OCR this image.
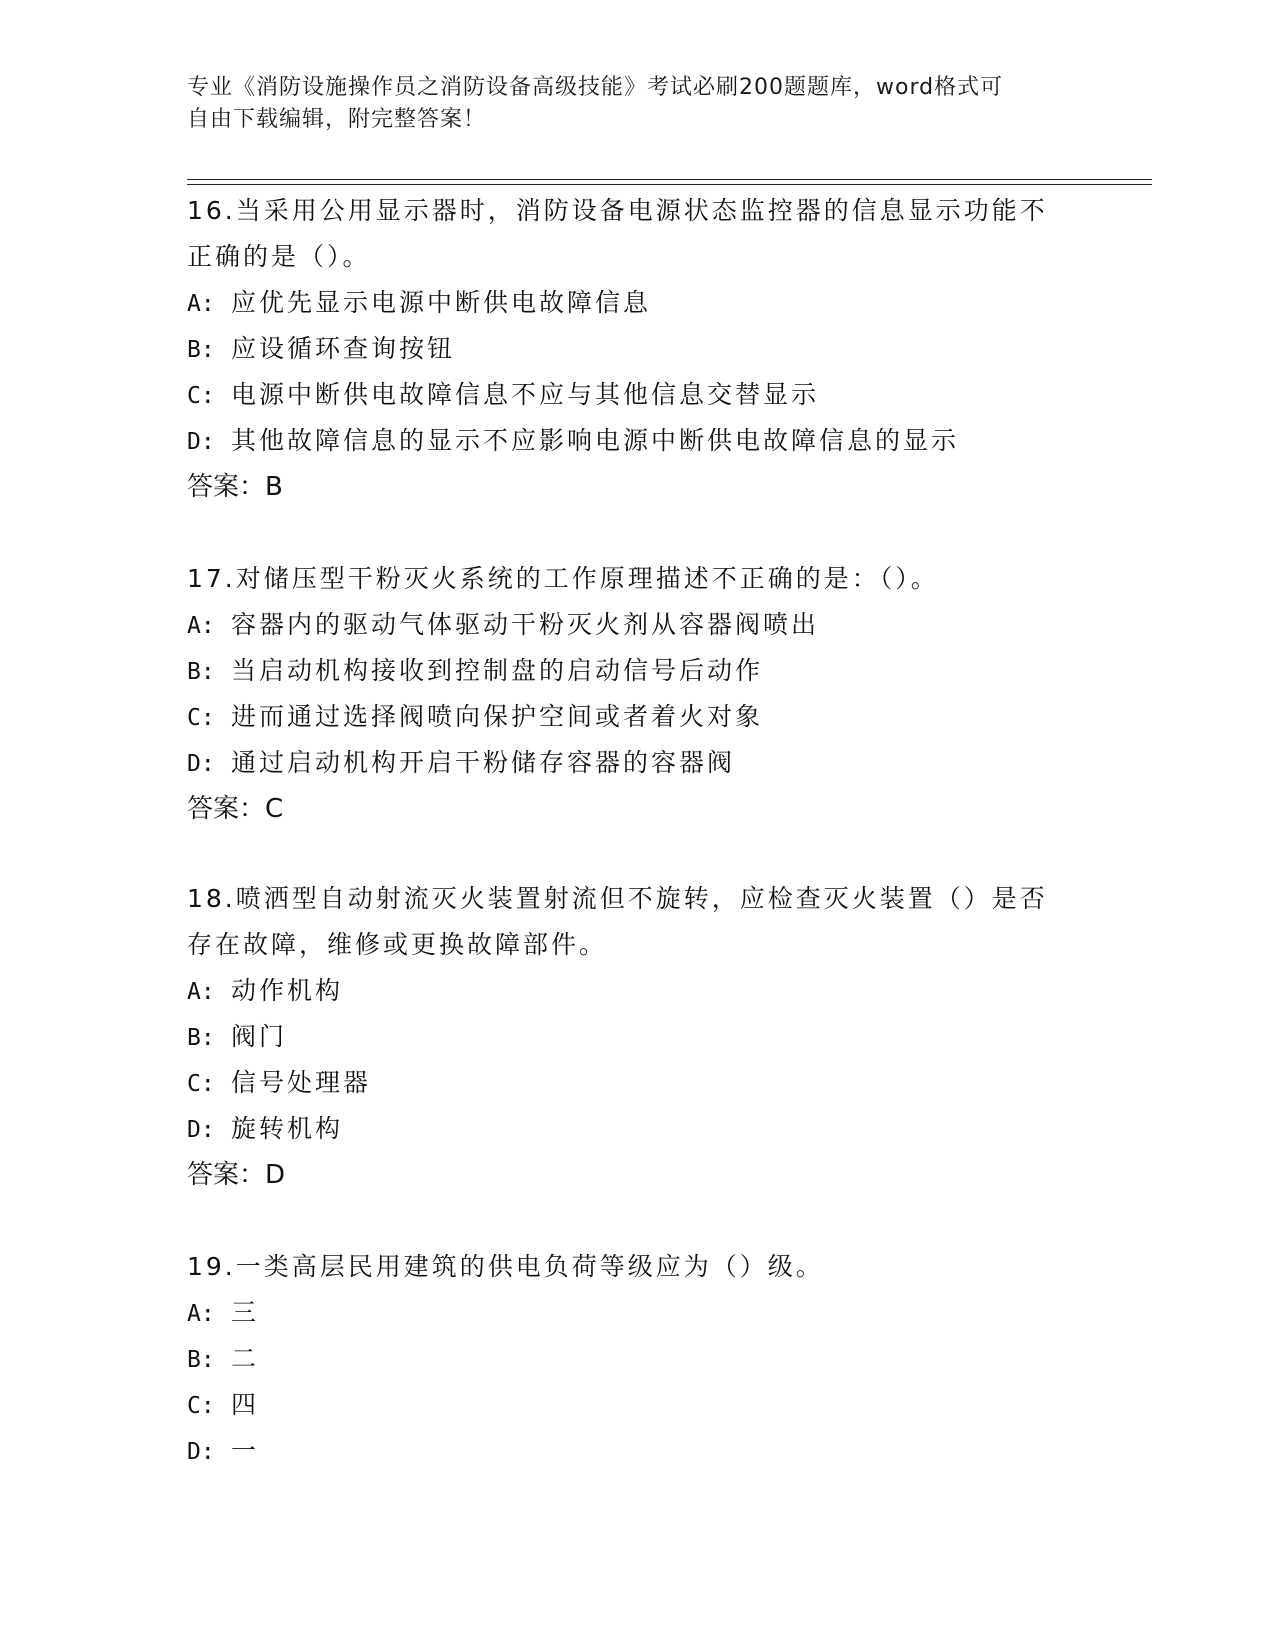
专业《消防设施操作员之消防设备高级技能》考试必刷200题题库，word格式可
自由下载编辑，附完整答案！
16.当采用公用显示器时，消防设备电源状态监控器的信息显示功能不
正确的是（）。
A: 应优先显示电源中断供电故障信息
B: 应设循环查询按钮
C: 电源中断供电故障信息不应与其他信息交替显示
D: 其他故障信息的显示不应影响电源中断供电故障信息的显示
答案：B
17.对储压型干粉灭火系统的工作原理描述不正确的是：（）。
A: 容器内的驱动气体驱动干粉灭火剂从容器阀喷出
B: 当启动机构接收到控制盘的启动信号后动作
C: 进而通过选择阀喷向保护空间或者着火对象
D: 通过启动机构开启干粉储存容器的容器阀
答案：C
18.喷洒型自动射流灭火装置射流但不旋转，应检查灭火装置（）是否
存在故障，维修或更换故障部件。
A: 动作机构
B: 阀门
C: 信号处理器
D: 旋转机构
答案：D
19.一类高层民用建筑的供电负荷等级应为（）级。
A: 三
B: 二
C: 四
D: 一
